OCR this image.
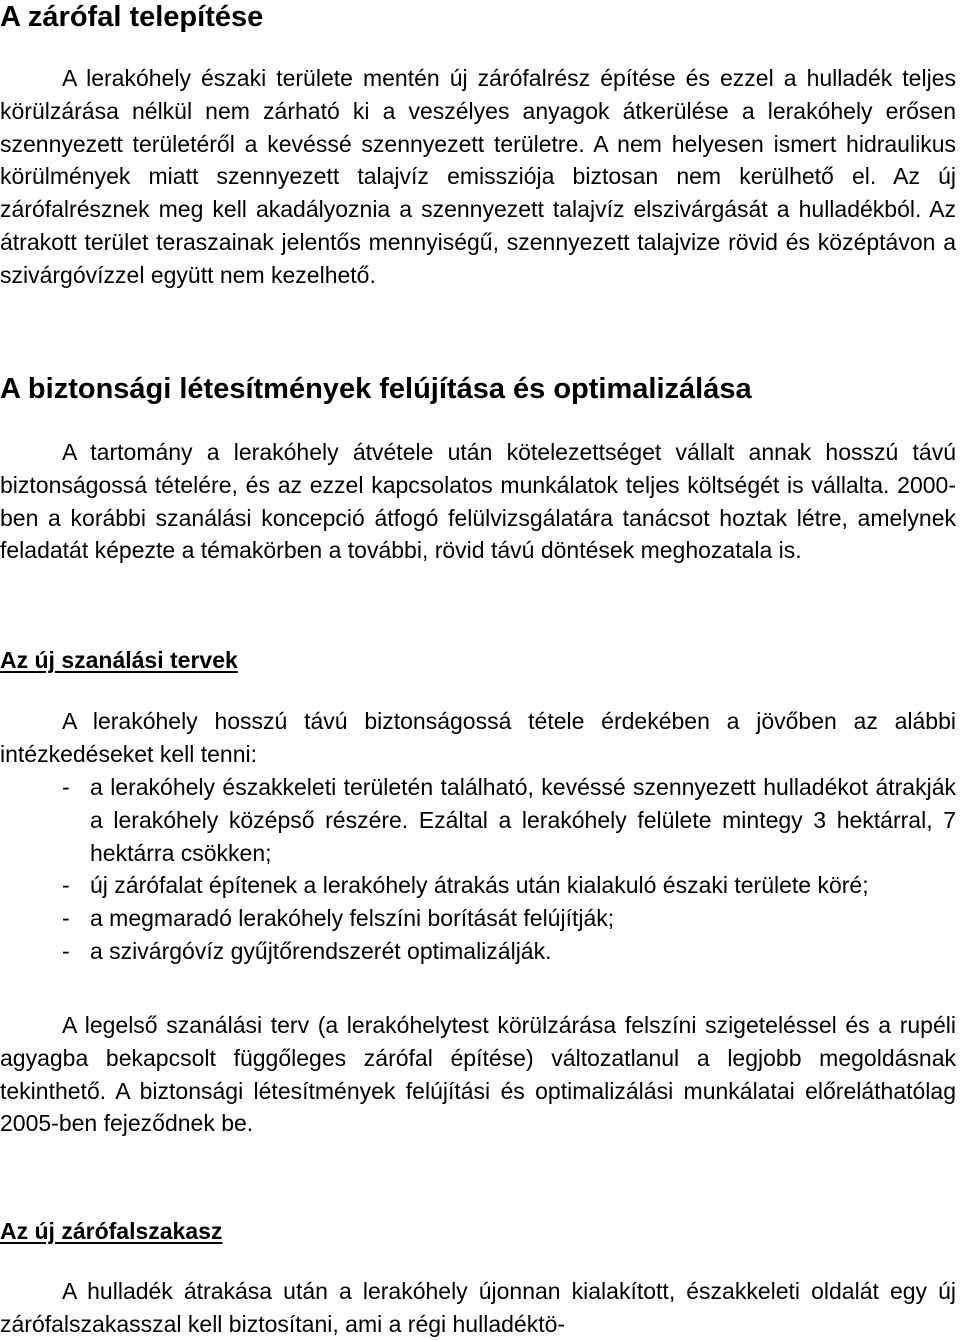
A zárófal telepítése

A lerakóhely északi területe mentén új zárófalrész építése és ezzel a hulladék teljes körülzárása nélkül nem zárható ki a veszélyes anyagok átkerülése a lerakóhely erősen szennyezett területéről a kevéssé szennyezett területre. A nem helyesen ismert hidraulikus körülmények miatt szennyezett talajvíz emissziója biztosan nem kerülhető el. Az új zárófalrésznek meg kell akadályoznia a szennyezett talajvíz elszivárgását a hulladékból. Az átrakott terület teraszainak jelentős mennyiségű, szennyezett talajvize rövid és középtávon a szivárgóvízzel együtt nem kezelhető.

A biztonsági létesítmények felújítása és optimalizálása

A tartomány a lerakóhely átvétele után kötelezettséget vállalt annak hosszú távú biztonságossá tételére, és az ezzel kapcsolatos munkálatok teljes költségét is vállalta. 2000-ben a korábbi szanálási koncepció átfogó felülvizsgálatára tanácsot hoztak létre, amelynek feladatát képezte a témakörben a további, rövid távú döntések meghozatala is.

Az új szanálási tervek

A lerakóhely hosszú távú biztonságossá tétele érdekében a jövőben az alábbi intézkedéseket kell tenni:

- a lerakóhely északkeleti területén található, kevéssé szennyezett hulladékot átrakják a lerakóhely középső részére. Ezáltal a lerakóhely felülete mintegy 3 hektárral, 7 hektárra csökken;
- új zárófalat építenek a lerakóhely átrakás után kialakuló északi területe köré;
- a megmaradó lerakóhely felszíni borítását felújítják;
- a szivárgóvíz gyűjtőrendszerét optimalizálják.

A legelső szanálási terv (a lerakóhelytest körülzárása felszíni szigeteléssel és a rupéli agyagba bekapcsolt függőleges zárófal építése) változatlanul a legjobb megoldásnak tekinthető. A biztonsági létesítmények felújítási és optimalizálási munkálatai előreláthatólag 2005-ben fejeződnek be.

Az új zárófalszakasz

A hulladék átrakása után a lerakóhely újonnan kialakított, északkeleti oldalát egy új zárófalszakasszal kell biztosítani, ami a régi hulladéktö-
